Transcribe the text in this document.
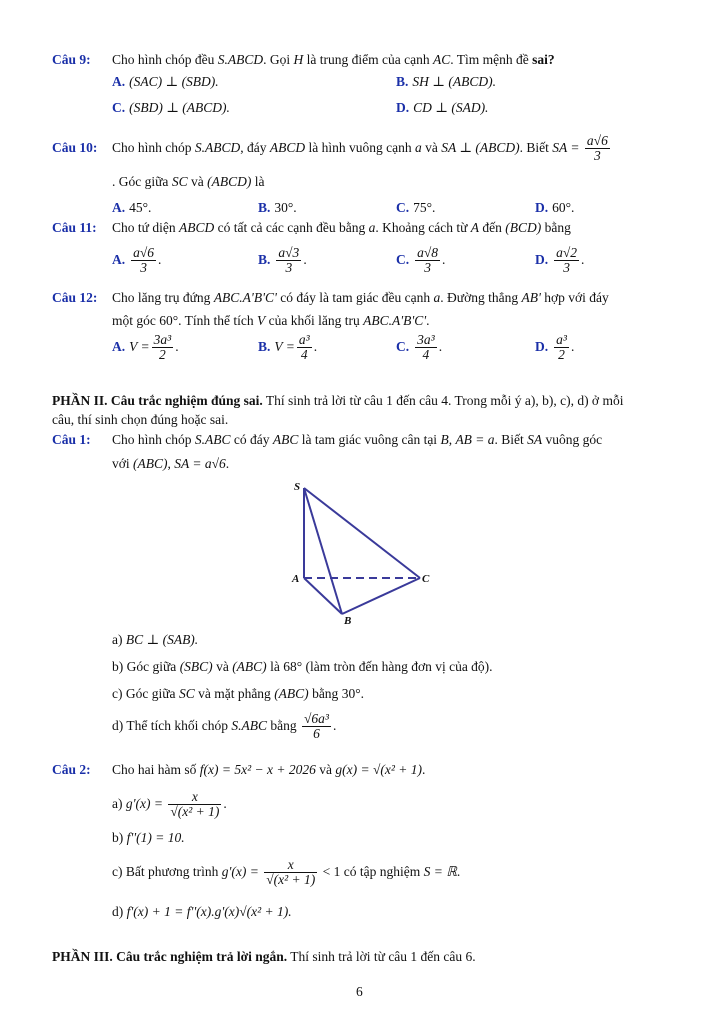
Câu 9: Cho hình chóp đều S.ABCD. Gọi H là trung điểm của cạnh AC. Tìm mệnh đề sai?
A. (SAC) ⊥ (SBD).	B. SH ⊥ (ABCD).
C. (SBD) ⊥ (ABCD).	D. CD ⊥ (SAD).
Câu 10: Cho hình chóp S.ABCD, đáy ABCD là hình vuông cạnh a và SA ⊥ (ABCD). Biết SA = $\frac{a√6}{3}$
. Góc giữa SC và (ABCD) là
A. 45°.	B. 30°.	C. 75°.	D. 60°.
Câu 11: Cho tứ diện ABCD có tất cả các cạnh đều bằng a. Khoảng cách từ A đến (BCD) bằng
A. $\frac{a√6}{3}$ .	B. $\frac{a√3}{3}$ .	C. $\frac{a√8}{3}$ .	D. $\frac{a√2}{3}$ .
Câu 12: Cho lăng trụ đứng ABC.A'B'C' có đáy là tam giác đều cạnh a. Đường thẳng AB' hợp với đáy
một góc 60°. Tính thể tích V của khối lăng trụ ABC.A'B'C'.
A. $V = \frac{\text{3a³}}{2}$ .	B. $V = \frac{\text{a³}}{4}$ .	C. $\frac{\text{3a³}}{4}$ .	D. $\frac{\text{a³}}{2}$ .
PHẦN II. Câu trắc nghiệm đúng sai. Thí sinh trả lời từ câu 1 đến câu 4. Trong mỗi ý a), b), c), d) ở mỗi
câu, thí sinh chọn đúng hoặc sai.
Câu 1: Cho hình chóp S.ABC có đáy ABC là tam giác vuông cân tại B, AB = a. Biết SA vuông góc
với (ABC), SA = a√6.
S
A
B
C
a) BC ⊥ (SAB).
b) Góc giữa (SBC) và (ABC) là 68° (làm tròn đến hàng đơn vị của độ).
c) Góc giữa SC và mặt phẳng (ABC) bằng 30°.
d) Thể tích khối chóp S.ABC bằng $\frac{\text{√6a³}}{6}$ .
Câu 2: Cho hai hàm số f(x) = 5x² − x + 2026 và g(x) = √(x² + 1).
a) $g'(x) = \frac{x}{\text{√(x² + 1)}}$ .
b) f''(1) = 10.
c) Bất phương trình $g'(x) = \frac{x}{\text{√(x² + 1)}} < 1$ có tập nghiệm S = ℝ.
d) f'(x) + 1 = f''(x).g'(x)√(x² + 1).
PHẦN III. Câu trắc nghiệm trả lời ngắn. Thí sinh trả lời từ câu 1 đến câu 6.
6
